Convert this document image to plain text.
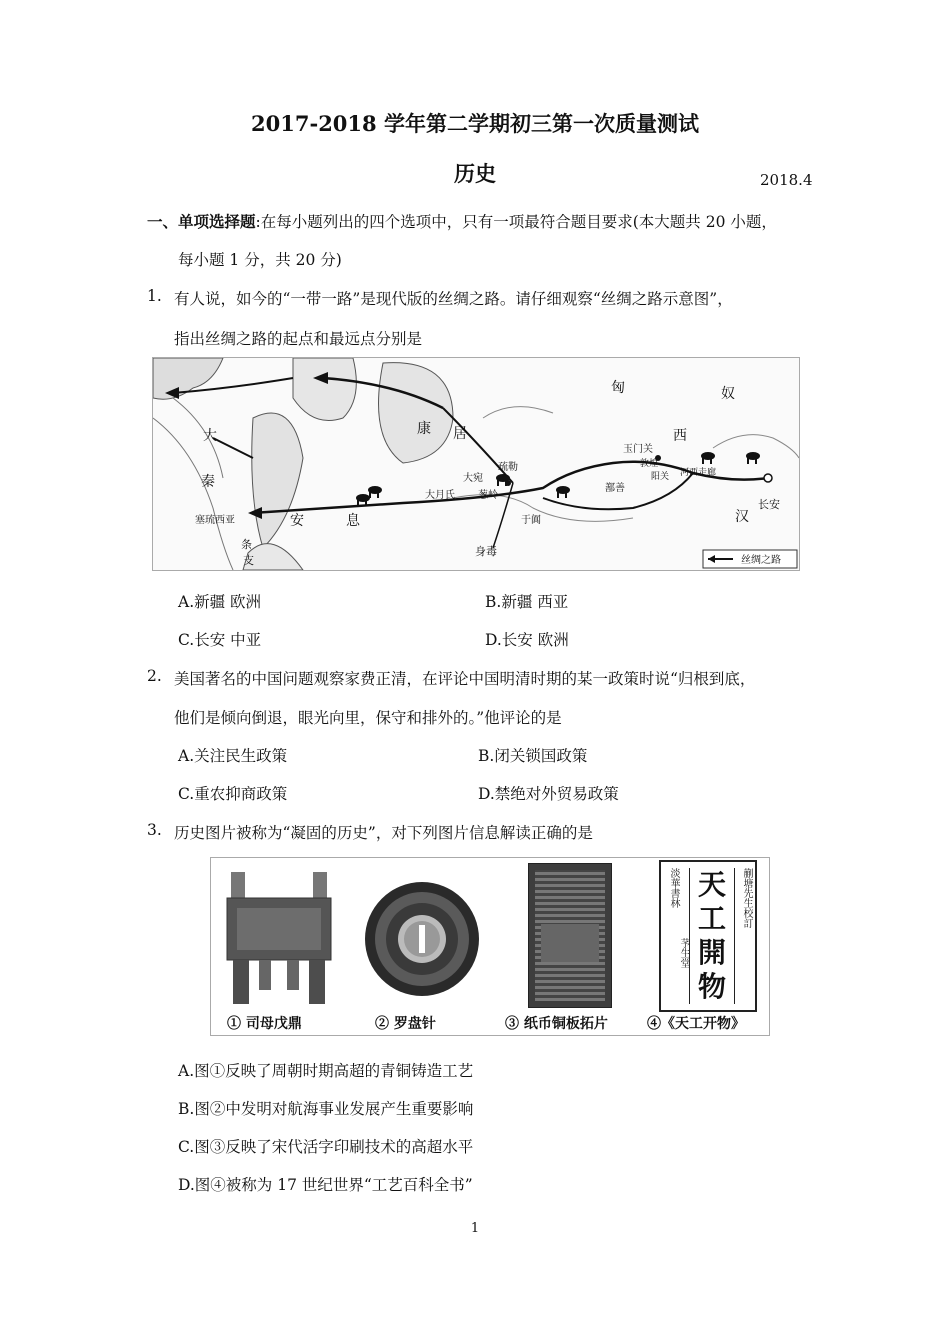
2017-2018 学年第二学期初三第一次质量测试
历史	2018.4
一、单项选择题:在每小题列出的四个选项中，只有一项最符合题目要求(本大题共 20 小题，
每小题 1 分，共 20 分)
1. 有人说，如今的“一带一路”是现代版的丝绸之路。请仔细观察“丝绸之路示意图”，
指出丝绸之路的起点和最远点分别是
匈	奴
康 居
大
秦
安	息	汉
长安
大宛
疏勒
大月氏 葱岭
玉门关
敦煌
阳关 河西走廊
鄯善
于阗
身毒
西
塞琉西亚
条
支	丝绸之路
A.新疆 欧洲	B.新疆 西亚
C.长安 中亚	D.长安 欧洲
2. 美国著名的中国问题观察家费正清，在评论中国明清时期的某一政策时说“归根到底，
他们是倾向倒退，眼光向里，保守和排外的。”他评论的是
A.关注民生政策	B.闭关锁国政策
C.重农抑商政策	D.禁绝对外贸易政策
3. 历史图片被称为“凝固的历史”，对下列图片信息解读正确的是
淡華書林
芧生堂
蒯塘先生校訂
天
工
開
物
① 司母戊鼎	② 罗盘针	③ 纸币铜板拓片	④《天工开物》
A.图①反映了周朝时期高超的青铜铸造工艺
B.图②中发明对航海事业发展产生重要影响
C.图③反映了宋代活字印刷技术的高超水平
D.图④被称为 17 世纪世界“工艺百科全书”
1
